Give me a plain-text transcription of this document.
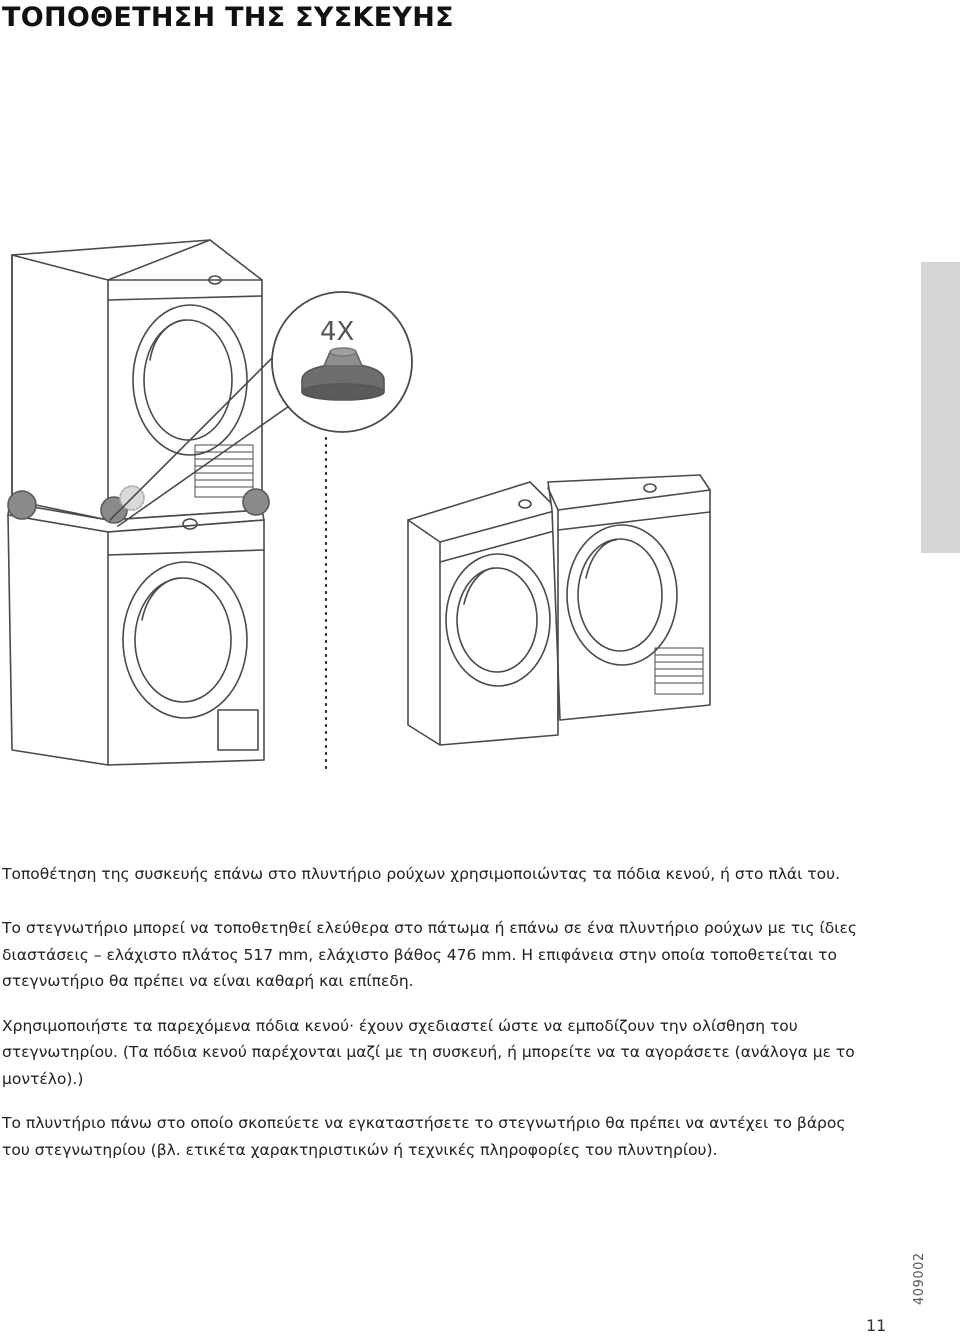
ΤΟΠΟΘΕΤΗΣΗ ΤΗΣ ΣΥΣΚΕΥΗΣ
4X

Τοποθέτηση της συσκευής επάνω στο πλυντήριο ρούχων χρησιμοποιώντας τα πόδια κενού, ή στο πλάι του.

Το στεγνωτήριο μπορεί να τοποθετηθεί ελεύθερα στο πάτωμα ή επάνω σε ένα πλυντήριο ρούχων με τις ίδιες διαστάσεις – ελάχιστο πλάτος 517 mm, ελάχιστο βάθος 476 mm. Η επιφάνεια στην οποία τοποθετείται το στεγνωτήριο θα πρέπει να είναι καθαρή και επίπεδη.

Χρησιμοποιήστε τα παρεχόμενα πόδια κενού· έχουν σχεδιαστεί ώστε να εμποδίζουν την ολίσθηση του στεγνωτηρίου. (Τα πόδια κενού παρέχονται μαζί με τη συσκευή, ή μπορείτε να τα αγοράσετε (ανάλογα με το μοντέλο).)

Το πλυντήριο πάνω στο οποίο σκοπεύετε να εγκαταστήσετε το στεγνωτήριο θα πρέπει να αντέχει το βάρος του στεγνωτηρίου (βλ. ετικέτα χαρακτηριστικών ή τεχνικές πληροφορίες του πλυντηρίου).

409002
11
